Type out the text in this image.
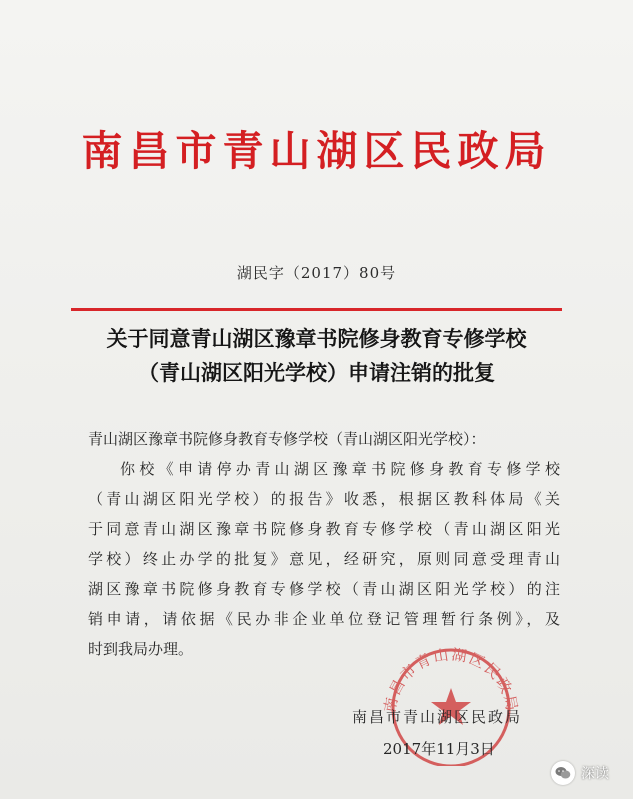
南昌市青山湖区民政局
湖民字（2017）80号
关于同意青山湖区豫章书院修身教育专修学校
（青山湖区阳光学校）申请注销的批复
青山湖区豫章书院修身教育专修学校（青山湖区阳光学校）：
你校《申请停办青山湖区豫章书院修身教育专修学校
（青山湖区阳光学校）的报告》收悉，根据区教科体局《关
于同意青山湖区豫章书院修身教育专修学校（青山湖区阳光
学校）终止办学的批复》意见，经研究，原则同意受理青山
湖区豫章书院修身教育专修学校（青山湖区阳光学校）的注
销申请，请依据《民办非企业单位登记管理暂行条例》，及
时到我局办理。
南昌市青山湖区民政局
南昌市青山湖区民政局
2017年11月3日
深读
